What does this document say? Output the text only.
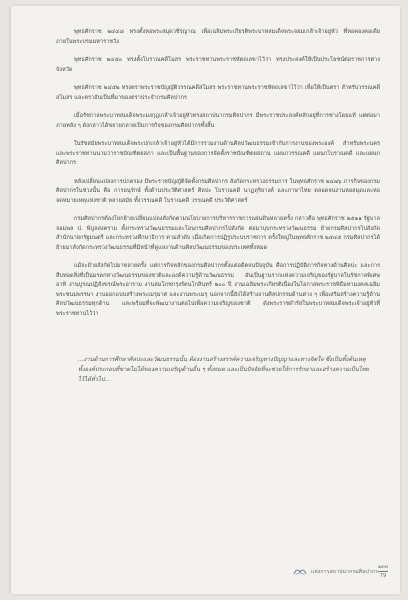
พุทธศักราช ๒๔๔๘ ทรงตั้งหอพระสมุดวชิรญาณ เพื่อเฉลิมพระเกียรติพระบาทสมเด็จพระจอมเกล้าเจ้าอยู่หัว ที่หอคองคอเดีย ภายในพระบรมมหาราชวัง

พุทธศักราช ๒๔๕๐ ทรงตั้งโบราณคดีโมสร พระราชทานพระราชหัตถเลขาไว้ว่า ทรงประสงค์ให้เป็นประโยชน์ต่อราชการต่างจังหวัด

พุทธศักราช ๒๔๕๒ ทรงตราพระราชบัญญัติวรรณคดีสโมสร พระราชทานพระราชหัตถเลขาไว้ว่า เพื่อให้เป็นตรา สำหรับวรรณคดีสโมสร และตราอันเป็นที่มาของตราประจำกรมศิลปากร

เมื่อรัชกาลพระบาทสมเด็จพระมงกุฎเกล้าเจ้าอยู่หัวทรงสถาปนากรมศิลปากร มีพระราชประสงค์หลักอยู่ที่การช่างโดยแท้ แต่ต่อมาภายหลัง ๆ ดังกล่าวได้ขยายกลายเป็นการกิจของกรมศิลปากรทั้งสิ้น

ในรัชสมัยพระบาทสมเด็จพระปกเกล้าเจ้าอยู่หัวได้มีการรวมงานด้านศิลปวัฒนธรรมเข้ากับการงานของพระองค์ สำหรับพระนคร และพระราชทานนามว่าราชบัณฑิตยสภา และเป็นพื้นฐานของการจัดตั้งราชบัณฑิตยสถาน แผนกวรรณคดี แผนกโบราณคดี และแผนกศิลปากร

หลังเปลี่ยนแปลงการปกครอง มีพระราชบัญญัติจัดตั้งกรมศิลปากร สังกัดกระทรวงธรรมการ ในพุทธศักราช ๒๔๗๖ ภารกิจของกรมศิลปากรในช่วงนั้น คือ การอนุรักษ์ ทั้งด้านประวัติศาสตร์ ศิลปะ โบราณคดี นาฏดุริยางค์ และภาษาไทย ตลอดจนงานหอสมุดและหอจดหมายเหตุแห่งชาติ หลายสมัย ทั้งวรรณคดี โบราณคดี วรรณคดี ประวัติศาสตร์

กรมศิลปากรต้องโยกย้ายเปลี่ยนแปลงสังกัดตามนโยบายการบริหารราชการแผ่นดินหลายครั้ง กล่าวคือ พุทธศักราช ๒๕๑๑ รัฐบาลจอมพล ป. พิบูลสงคราม ตั้งกระทรวงวัฒนธรรมและโอนกรมศิลปากรไปสังกัด ต่อมาบุบกระทรวงวัฒนธรรม ย้ายกรมศิลปากรไปสังกัดสำนักนายกรัฐมนตรี และกระทรวงศึกษาธิการ ตามลำดับ เมื่อเกิดการปฏิรูประบบราชการ ครั้งใหญ่ในพุทธศักราช ๒๕๔๕ กรมศิลปากรได้ย้ายมาสังกัดกระทรวงวัฒนธรรมที่มีหน้าที่ดูแลงานด้านศิลปวัฒนธรรมของประเทศทั้งหมด

แม้จะย้ายสังกัดไปมาหลายครั้ง แต่การกิจหลักของกรมศิลปากรตั้งแต่อดีตจนปัจจุบัน คือการปฏิบัติภารกิจทางด้านศิลปะ และการสืบทอดสิ่งที่เป็นมรดกทางวัฒนธรรมของชาติและองค์ความรู้ด้านวัฒนธรรม อันเป็นฐานรากแห่งความเจริญของรัฐบาลในรัชกาลพิเศษ อาทิ งานบูรณปฏิสังขรณ์พระอาราม งานสมโภชกรุงรัตนโกสินทร์ ๒๐๐ ปี งานเฉลิมพระเกียรติเนื่องในโอกาสพระราชพิธีมหามงคลเฉลิมพระชนมพรรษา งานออกแบบสร้างพระเมรุมาศ และงานพระเมรุ นอกจากนี้ยังได้สร้างงานศิลปกรรมด้านต่าง ๆ เพื่อเสริมสร้างความรู้ด้านศิลปวัฒนธรรมทุกด้าน และพร้อมที่จะพัฒนางานต่อไปเพื่อความเจริญของชาติ ดังพระราชดำรัสในพระบาทสมเด็จพระเจ้าอยู่หัวที่พระราชทานไว้ว่า

...งานด้านการศึกษาศิลปะและวัฒนธรรมนั้น ต้องงานสร้างสรรค์ความเจริญทางปัญญาและทางจิตใจ ซึ่งเป็นทั้งต้นเหตุ ทั้งองค์ประกอบที่ขาดไม่ได้ของความเจริญด้านอื่น ๆ ทั้งหมด และเป็นปัจจัยที่จะช่วยให้การรักษาและสร้างความเป็นไทยไว้ได้ทั่วไป...

แห่งการสถาปนากรมศิลปากร
๑๓๓
79
